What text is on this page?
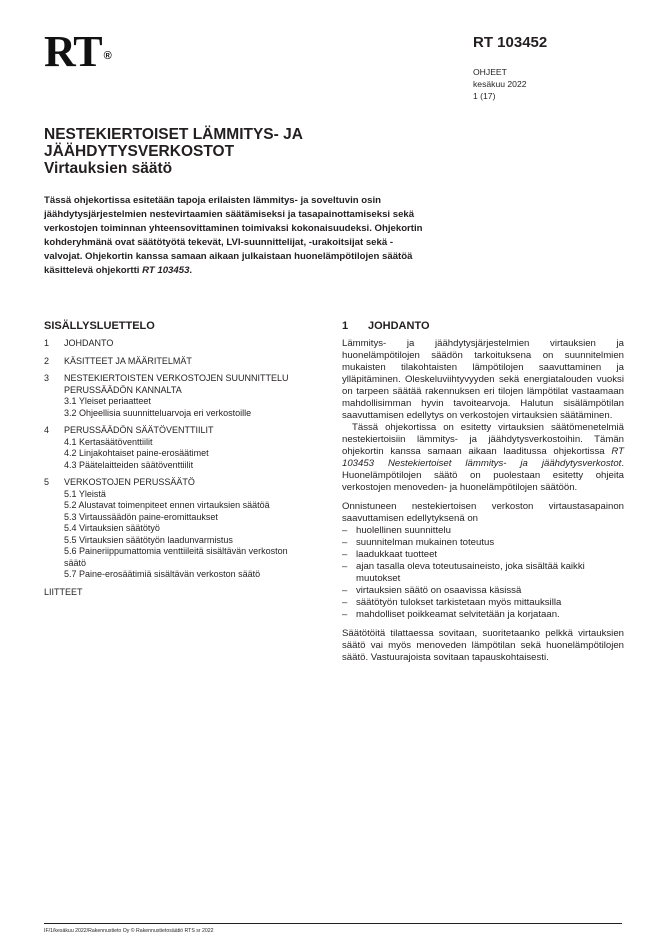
RT ®
RT 103452
OHJEET
kesäkuu 2022
1 (17)
NESTEKIERTOISET LÄMMITYS- JA
JÄÄHDYTYSVERKOSTOT
Virtauksien säätö
Tässä ohjekortissa esitetään tapoja erilaisten lämmitys- ja soveltuvin osin jäähdytysjärjestelmien nestevirtaamien säätämiseksi ja tasapainottamiseksi sekä verkostojen toiminnan yhteensovittaminen toimivaksi kokonaisuudeksi. Ohjekortin kohderyhmänä ovat säätötyötä tekevät, LVI-suunnittelijat, -urakoitsijat sekä -valvojat. Ohjekortin kanssa samaan aikaan julkaistaan huonelämpötilojen säätöä käsittelevä ohjekortti RT 103453.
SISÄLLYSLUETTELO
1	JOHDANTO
2	KÄSITTEET JA MÄÄRITELMÄT
3	NESTEKIERTOISTEN VERKOSTOJEN SUUNNITTELU
PERUSSÄÄDÖN KANNALTA
3.1 Yleiset periaatteet
3.2 Ohjeellisia suunnitteluarvoja eri verkostoille
4	PERUSSÄÄDÖN SÄÄTÖVENTTIILIT
4.1 Kertasäätöventtiilit
4.2 Linjakohtaiset paine-erosäätimet
4.3 Päätelaitteiden säätöventtiilit
5	VERKOSTOJEN PERUSSÄÄTÖ
5.1 Yleistä
5.2 Alustavat toimenpiteet ennen virtauksien säätöä
5.3 Virtaussäädön paine-eromittaukset
5.4 Virtauksien säätötyö
5.5 Virtauksien säätötyön laadunvarmistus
5.6 Paineriippumattomia venttiileitä sisältävän verkoston
säätö
5.7 Paine-erosäätimiä sisältävän verkoston säätö
LIITTEET
1 JOHDANTO

Lämmitys- ja jäähdytysjärjestelmien virtauksien ja huonelämpötilojen säädön tarkoituksena on suunnitelmien mukaisten tilakohtaisten lämpötilojen saavuttaminen ja ylläpitäminen. Oleskeluviihtyvyyden sekä energiatalouden vuoksi on tarpeen säätää rakennuksen eri tilojen lämpötilat vastaamaan mahdollisimman hyvin tavoitearvoja. Halutun sisälämpötilan saavuttamisen edellytys on verkostojen virtauksien säätäminen.

Tässä ohjekortissa on esitetty virtauksien säätömenetelmiä nestekiertoisiin lämmitys- ja jäähdytysverkostoihin. Tämän ohjekortin kanssa samaan aikaan laaditussa ohjekortissa RT 103453 Nestekiertoiset lämmitys- ja jäähdytysverkostot. Huonelämpötilojen säätö on puolestaan esitetty ohjeita verkostojen menoveden- ja huonelämpötilojen säätöön.

Onnistuneen nestekiertoisen verkoston virtaustasapainon saavuttamisen edellytyksenä on

– huolellinen suunnittelu
– suunnitelman mukainen toteutus
– laadukkaat tuotteet
– ajan tasalla oleva toteutusaineisto, joka sisältää kaikki muutokset
– virtauksien säätö on osaavissa käsissä
– säätötyön tulokset tarkistetaan myös mittauksilla
– mahdolliset poikkeamat selvitetään ja korjataan.

Säätötöitä tilattaessa sovitaan, suoritetaanko pelkkä virtauksien säätö vai myös menoveden lämpötilan sekä huonelämpötilojen säätö. Vastuurajoista sovitaan tapauskohtaisesti.

IF/1/kesäkuu 2022/Rakennustieto Oy © Rakennustietosäätiö RTS sr 2022
